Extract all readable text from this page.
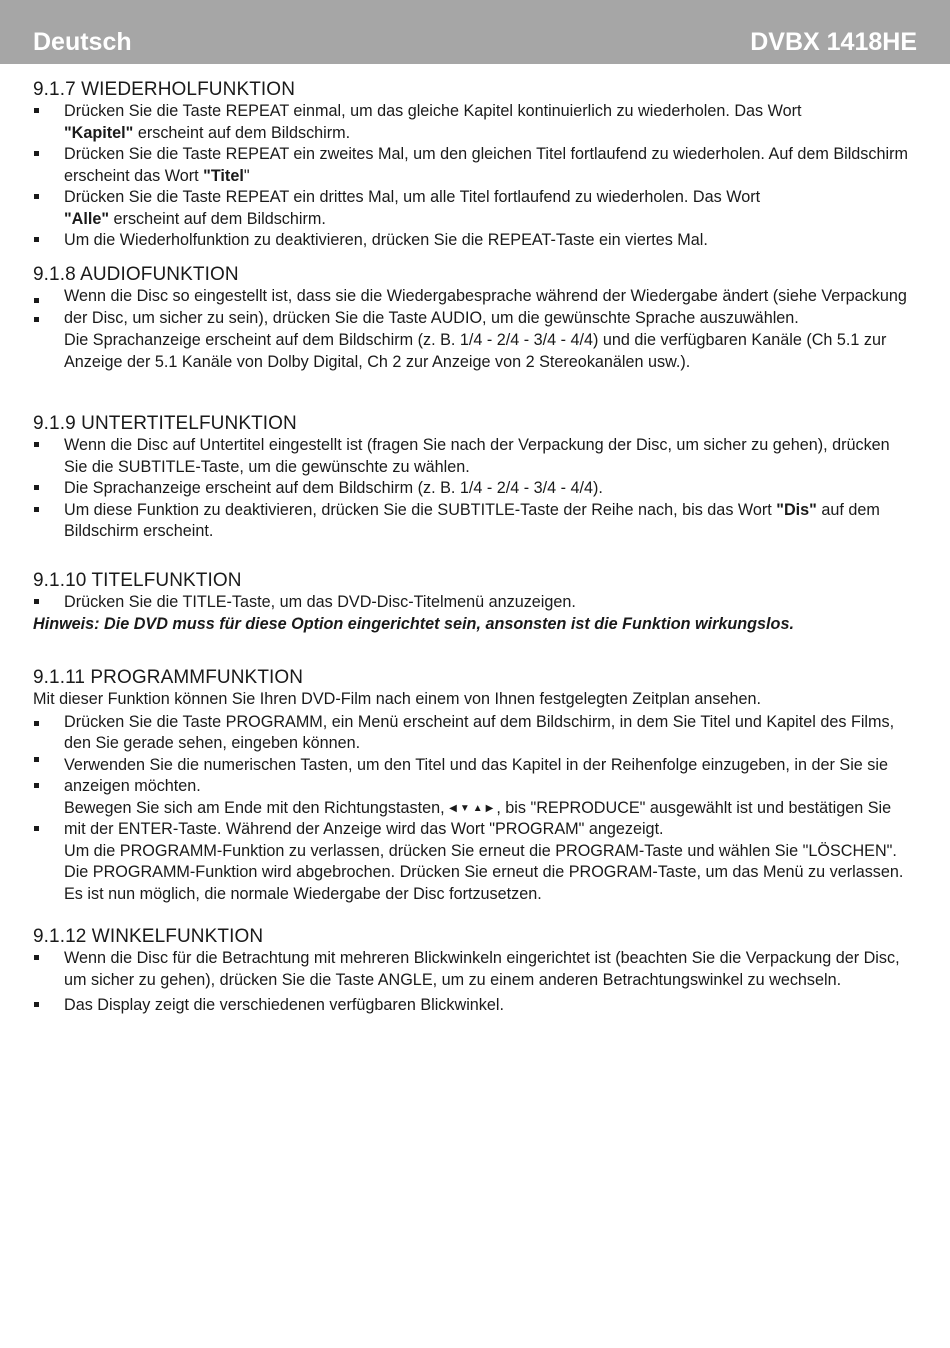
Deutsch	DVBX 1418HE
9.1.7 WIEDERHOLFUNKTION
Drücken Sie die Taste REPEAT einmal, um das gleiche Kapitel kontinuierlich zu wiederholen. Das Wort
"Kapitel" erscheint auf dem Bildschirm.
Drücken Sie die Taste REPEAT ein zweites Mal, um den gleichen Titel fortlaufend zu wiederholen. Auf dem Bildschirm erscheint das Wort "Titel"
Drücken Sie die Taste REPEAT ein drittes Mal, um alle Titel fortlaufend zu wiederholen. Das Wort
"Alle" erscheint auf dem Bildschirm.
Um die Wiederholfunktion zu deaktivieren, drücken Sie die REPEAT-Taste ein viertes Mal.
9.1.8 AUDIOFUNKTION
Wenn die Disc so eingestellt ist, dass sie die Wiedergabesprache während der Wiedergabe ändert (siehe Verpackung der Disc, um sicher zu sein), drücken Sie die Taste AUDIO, um die gewünschte Sprache auszuwählen.
Die Sprachanzeige erscheint auf dem Bildschirm (z. B. 1/4 - 2/4 - 3/4 - 4/4) und die verfügbaren Kanäle (Ch 5.1 zur Anzeige der 5.1 Kanäle von Dolby Digital, Ch 2 zur Anzeige von 2 Stereokanälen usw.).
9.1.9 UNTERTITELFUNKTION
Wenn die Disc auf Untertitel eingestellt ist (fragen Sie nach der Verpackung der Disc, um sicher zu gehen), drücken Sie die SUBTITLE-Taste, um die gewünschte zu wählen.
Die Sprachanzeige erscheint auf dem Bildschirm (z. B. 1/4 - 2/4 - 3/4 - 4/4).
Um diese Funktion zu deaktivieren, drücken Sie die SUBTITLE-Taste der Reihe nach, bis das Wort "Dis" auf dem Bildschirm erscheint.
9.1.10 TITELFUNKTION
Drücken Sie die TITLE-Taste, um das DVD-Disc-Titelmenü anzuzeigen.

Hinweis: Die DVD muss für diese Option eingerichtet sein, ansonsten ist die Funktion wirkungslos.

9.1.11 PROGRAMMFUNKTION

Mit dieser Funktion können Sie Ihren DVD-Film nach einem von Ihnen festgelegten Zeitplan ansehen.

Drücken Sie die Taste PROGRAMM, ein Menü erscheint auf dem Bildschirm, in dem Sie Titel und Kapitel des Films, den Sie gerade sehen, eingeben können.
Verwenden Sie die numerischen Tasten, um den Titel und das Kapitel in der Reihenfolge einzugeben, in der Sie sie anzeigen möchten.
Bewegen Sie sich am Ende mit den Richtungstasten, ◀▼▲▶, bis "REPRODUCE" ausgewählt ist und bestätigen Sie mit der ENTER-Taste. Während der Anzeige wird das Wort "PROGRAM" angezeigt.
Um die PROGRAMM-Funktion zu verlassen, drücken Sie erneut die PROGRAM-Taste und wählen Sie "LÖSCHEN". Die PROGRAMM-Funktion wird abgebrochen. Drücken Sie erneut die PROGRAM-Taste, um das Menü zu verlassen. Es ist nun möglich, die normale Wiedergabe der Disc fortzusetzen.
9.1.12 WINKELFUNKTION
Wenn die Disc für die Betrachtung mit mehreren Blickwinkeln eingerichtet ist (beachten Sie die Verpackung der Disc, um sicher zu gehen), drücken Sie die Taste ANGLE, um zu einem anderen Betrachtungswinkel zu wechseln.
Das Display zeigt die verschiedenen verfügbaren Blickwinkel.
